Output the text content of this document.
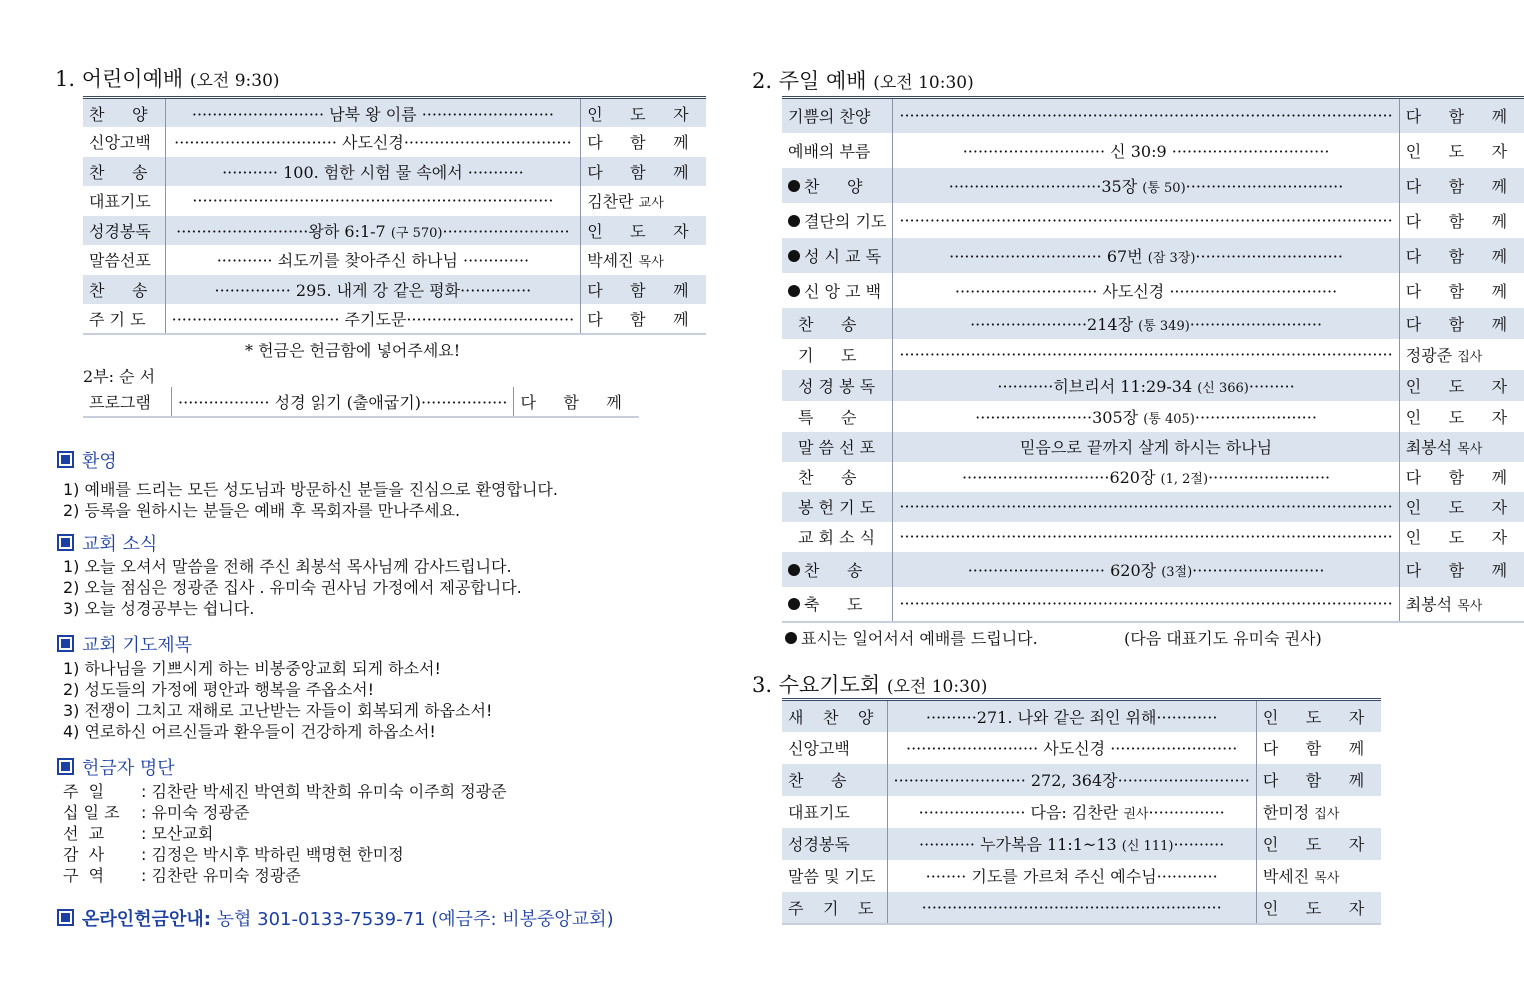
1. 어린이예배 (오전 9:30)
찬 양	·························· 남북 왕 이름 ··························	인 도 자
신앙고백	································ 사도신경·································	다 함 께
찬 송	··········· 100. 험한 시험 물 속에서 ···········	다 함 께
대표기도	·······································································	김찬란 교사
성경봉독	··························왕하 6:1-7 (구 570)·························	인 도 자
말씀선포	··········· 쇠도끼를 찾아주신 하나님 ·············	박세진 목사
찬 송	··············· 295. 내게 강 같은 평화··············	다 함 께
주 기 도	································· 주기도문·································	다 함 께
* 헌금은 헌금함에 넣어주세요!
2부: 순 서
프로그램	·················· 성경 읽기 (출애굽기)·················	다 함 께
환영
1) 예배를 드리는 모든 성도님과 방문하신 분들을 진심으로 환영합니다.
2) 등록을 원하시는 분들은 예배 후 목회자를 만나주세요.
교회 소식
1) 오늘 오셔서 말씀을 전해 주신 최봉석 목사님께 감사드립니다.
2) 오늘 점심은 정광준 집사 . 유미숙 권사님 가정에서 제공합니다.
3) 오늘 성경공부는 쉽니다.
교회 기도제목
1) 하나님을 기쁘시게 하는 비봉중앙교회 되게 하소서!
2) 성도들의 가정에 평안과 행복을 주옵소서!
3) 전쟁이 그치고 재해로 고난받는 자들이 회복되게 하옵소서!
4) 연로하신 어르신들과 환우들이 건강하게 하옵소서!
헌금자 명단
주  일 : 김찬란 박세진 박연희 박찬희 유미숙 이주희 정광준
십 일 조 : 유미숙 정광준
선  교 : 모산교회
감  사 : 김정은 박시후 박하린 백명현 한미정
구  역 : 김찬란 유미숙 정광준
온라인헌금안내: 농협 301-0133-7539-71 (예금주: 비봉중앙교회)
2. 주일 예배 (오전 10:30)
기쁨의 찬양	·································································································	다 함 께
예배의 부름	···························· 신 30:9 ·······························	인 도 자
찬 양	······························35장 (통 50)·······························	다 함 께
결단의 기도	·································································································	다 함 께
성 시 교 독	······························ 67번 (잠 3장)·····························	다 함 께
신 앙 고 백	···························· 사도신경 ·································	다 함 께
찬 송	·······················214장 (통 349)··························	다 함 께
기 도	·································································································	정광준 집사
성 경 봉 독	···········히브리서 11:29-34 (신 366)·········	인 도 자
특 순	·······················305장 (통 405)························	인 도 자
말 씀 선 포	믿음으로 끝까지 살게 하시는 하나님	최봉석 목사
찬 송	·····························620장 (1, 2절)························	다 함 께
봉 헌 기 도	·································································································	인 도 자
교 회 소 식	·································································································	인 도 자
찬 송	··························· 620장 (3절)··························	다 함 께
축 도	·································································································	최봉석 목사
표시는 일어서서 예배를 드립니다.	(다음 대표기도 유미숙 권사)
3. 수요기도회 (오전 10:30)
새 찬 양	··········271. 나와 같은 죄인 위해············	인 도 자
신앙고백	·························· 사도신경 ·························	다 함 께
찬 송	·························· 272, 364장··························	다 함 께
대표기도	····················· 다음: 김찬란 권사···············	한미정 집사
성경봉독	··········· 누가복음 11:1~13 (신 111)··········	인 도 자
말씀 및 기도	········ 기도를 가르쳐 주신 예수님············	박세진 목사
주 기 도	···························································	인 도 자
